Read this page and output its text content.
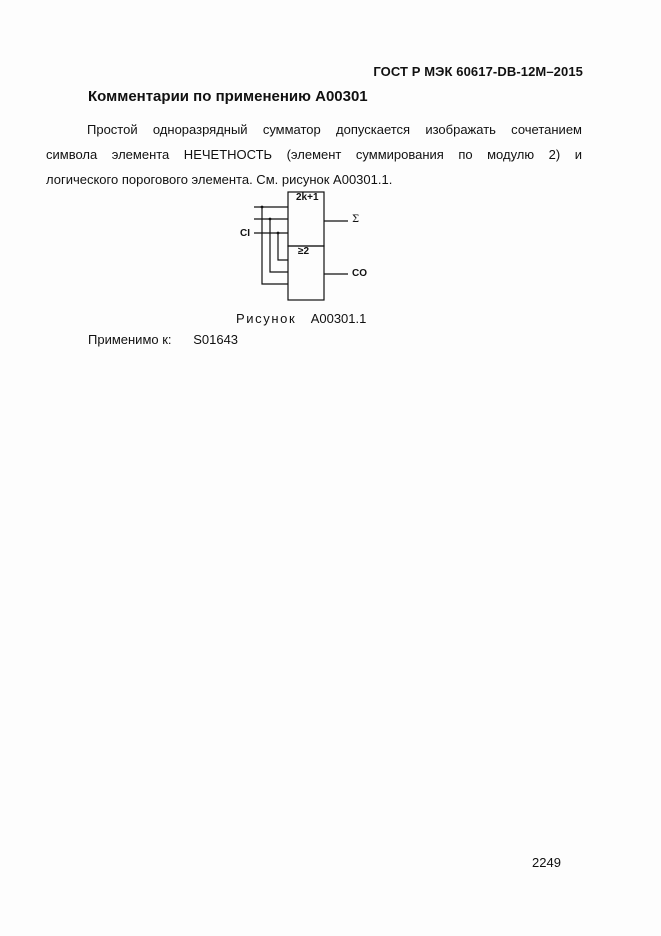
ГОСТ Р МЭК 60617-DB-12M–2015
Комментарии по применению A00301

Простой одноразрядный сумматор допускается изображать сочетанием
символа элемента НЕЧЕТНОСТЬ (элемент суммирования по модулю 2) и
логического порогового элемента. См. рисунок A00301.1.

2k+1
≥2
Σ
CI
CO
Рисунок A00301.1
Применимо к: S01643
2249
